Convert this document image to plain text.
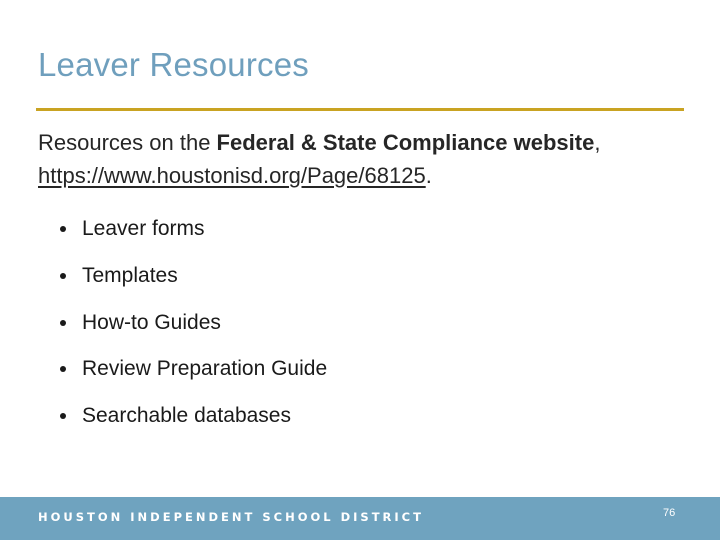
Leaver Resources
Resources on the Federal & State Compliance website, https://www.houstonisd.org/Page/68125.
Leaver forms
Templates
How-to Guides
Review Preparation Guide
Searchable databases
HOUSTON INDEPENDENT SCHOOL DISTRICT	76
